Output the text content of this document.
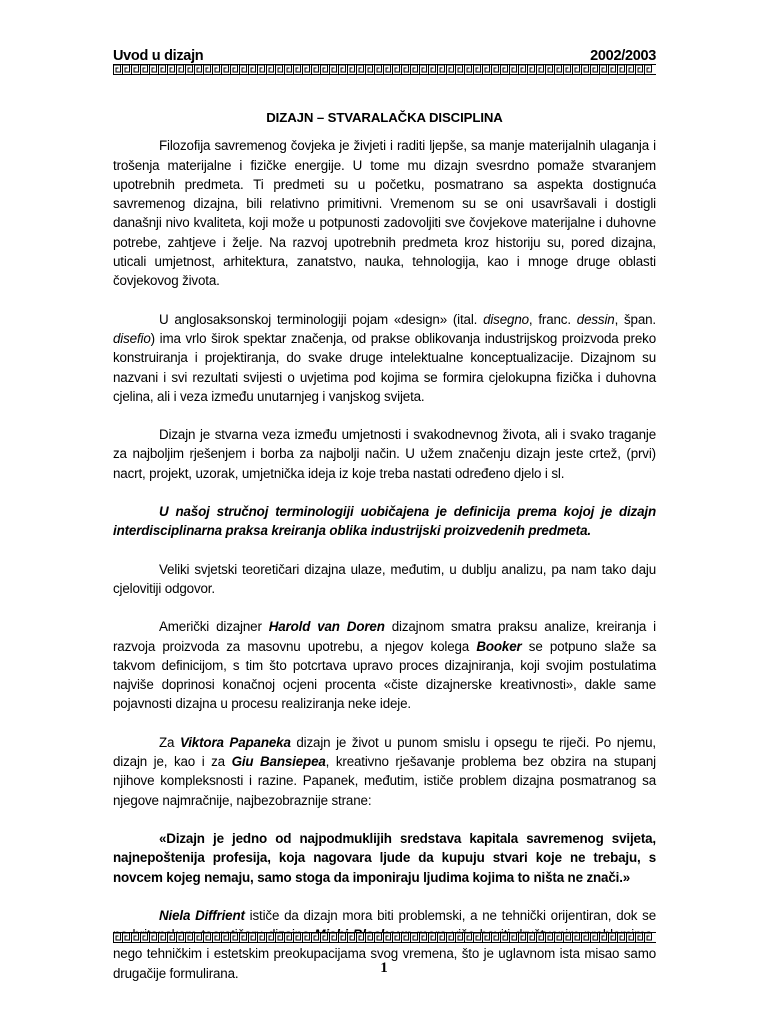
Uvod u dizajn	2002/2003
DIZAJN – STVARALAČKA DISCIPLINA

Filozofija savremenog čovjeka je živjeti i raditi ljepše, sa manje materijalnih ulaganja i trošenja materijalne i fizičke energije. U tome mu dizajn svesrdno pomaže stvaranjem upotrebnih predmeta. Ti predmeti su u početku, posmatrano sa aspekta dostignuća savremenog dizajna, bili relativno primitivni. Vremenom su se oni usavršavali i dostigli današnji nivo kvaliteta, koji može u potpunosti zadovoljiti sve čovjekove materijalne i duhovne potrebe, zahtjeve i želje. Na razvoj upotrebnih predmeta kroz historiju su, pored dizajna, uticali umjetnost, arhitektura, zanatstvo, nauka, tehnologija, kao i mnoge druge oblasti čovjekovog života.

U anglosaksonskoj terminologiji pojam «design» (ital. disegno, franc. dessin, špan. disefio) ima vrlo širok spektar značenja, od prakse oblikovanja industrijskog proizvoda preko konstruiranja i projektiranja, do svake druge intelektualne konceptualizacije. Dizajnom su nazvani i svi rezultati svijesti o uvjetima pod kojima se formira cjelokupna fizička i duhovna cjelina, ali i veza između unutarnjeg i vanjskog svijeta.

Dizajn je stvarna veza između umjetnosti i svakodnevnog života, ali i svako traganje za najboljim rješenjem i borba za najbolji način. U užem značenju dizajn jeste crtež, (prvi) nacrt, projekt, uzorak, umjetnička ideja iz koje treba nastati određeno djelo i sl.

U našoj stručnoj terminologiji uobičajena je definicija prema kojoj je dizajn interdisciplinarna praksa kreiranja oblika industrijski proizvedenih predmeta.

Veliki svjetski teoretičari dizajna ulaze, međutim, u dublju analizu, pa nam tako daju cjelovitiji odgovor.

Američki dizajner Harold van Doren dizajnom smatra praksu analize, kreiranja i razvoja proizvoda za masovnu upotrebu, a njegov kolega Booker se potpuno slaže sa takvom definicijom, s tim što potcrtava upravo proces dizajniranja, koji svojim postulatima najviše doprinosi konačnoj ocjeni procenta «čiste dizajnerske kreativnosti», dakle same pojavnosti dizajna u procesu realiziranja neke ideje.

Za Viktora Papaneka dizajn je život u punom smislu i opsegu te riječi. Po njemu, dizajn je, kao i za Giu Bansiepea, kreativno rješavanje problema bez obzira na stupanj njihove kompleksnosti i razine. Papanek, međutim, ističe problem dizajna posmatranog sa njegove najmračnije, najbezobraznije strane:

«Dizajn je jedno od najpodmuklijih sredstava kapitala savremenog svijeta, najnepoštenija profesija, koja nagovara ljude da kupuju stvari koje ne trebaju, s novcem kojeg nemaju, samo stoga da imponiraju ljudima kojima to ništa ne znači.»

Niela Diffrient ističe da dizajn mora biti problemski, a ne tehnički orijentiran, dok se nego tehničkim i estetskim preokupacijama svog vremena, što je uglavnom ista misao samo drugačije formulirana.	1
